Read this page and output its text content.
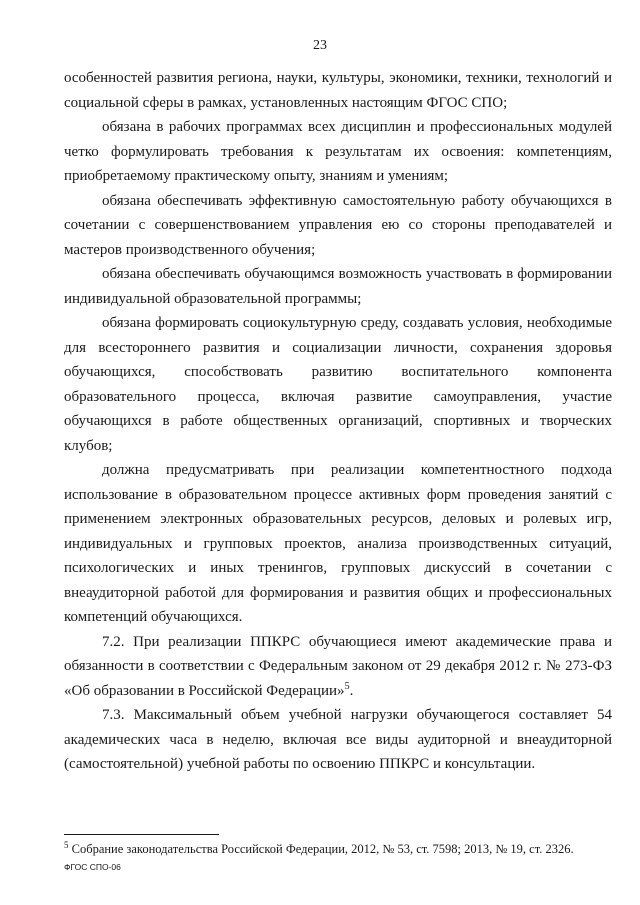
23

особенностей развития региона, науки, культуры, экономики, техники, технологий и социальной сферы в рамках, установленных настоящим ФГОС СПО;

обязана в рабочих программах всех дисциплин и профессиональных модулей четко формулировать требования к результатам их освоения: компетенциям, приобретаемому практическому опыту, знаниям и умениям;

обязана обеспечивать эффективную самостоятельную работу обучающихся в сочетании с совершенствованием управления ею со стороны преподавателей и мастеров производственного обучения;

обязана обеспечивать обучающимся возможность участвовать в формировании индивидуальной образовательной программы;

обязана формировать социокультурную среду, создавать условия, необходимые для всестороннего развития и социализации личности, сохранения здоровья обучающихся, способствовать развитию воспитательного компонента образовательного процесса, включая развитие самоуправления, участие обучающихся в работе общественных организаций, спортивных и творческих клубов;

должна предусматривать при реализации компетентностного подхода использование в образовательном процессе активных форм проведения занятий с применением электронных образовательных ресурсов, деловых и ролевых игр, индивидуальных и групповых проектов, анализа производственных ситуаций, психологических и иных тренингов, групповых дискуссий в сочетании с внеаудиторной работой для формирования и развития общих и профессиональных компетенций обучающихся.

7.2. При реализации ППКРС обучающиеся имеют академические права и обязанности в соответствии с Федеральным законом от 29 декабря 2012 г. № 273-ФЗ «Об образовании в Российской Федерации»$^5$.

7.3. Максимальный объем учебной нагрузки обучающегося составляет 54 академических часа в неделю, включая все виды аудиторной и внеаудиторной (самостоятельной) учебной работы по освоению ППКРС и консультации.

$^5$ Собрание законодательства Российской Федерации, 2012, № 53, ст. 7598; 2013, № 19, ст. 2326.
ФГОС СПО-06
